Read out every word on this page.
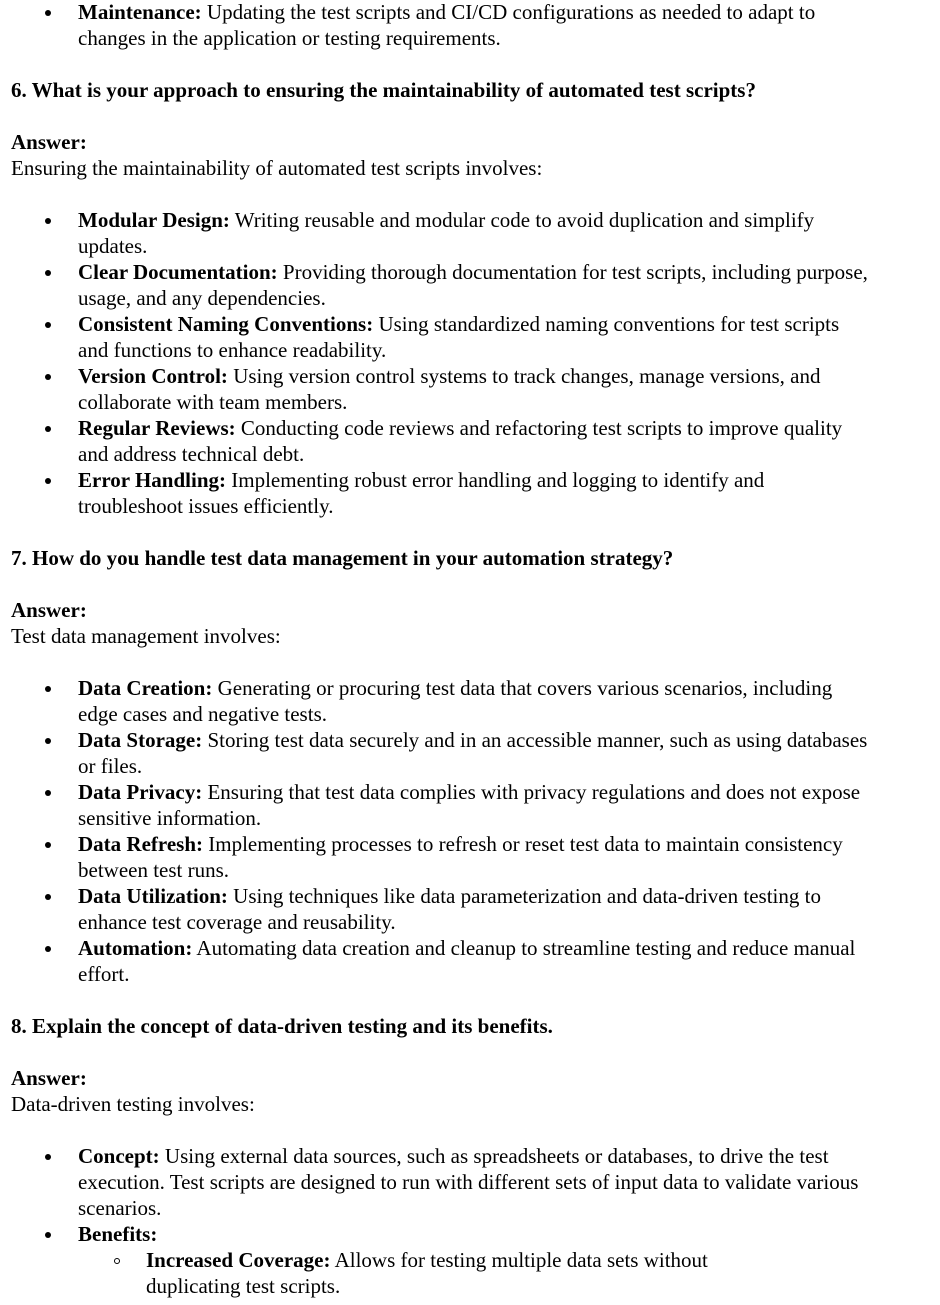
Maintenance: Updating the test scripts and CI/CD configurations as needed to adapt to changes in the application or testing requirements.
6. What is your approach to ensuring the maintainability of automated test scripts?

Answer:

Ensuring the maintainability of automated test scripts involves:

Modular Design: Writing reusable and modular code to avoid duplication and simplify updates.
Clear Documentation: Providing thorough documentation for test scripts, including purpose, usage, and any dependencies.
Consistent Naming Conventions: Using standardized naming conventions for test scripts and functions to enhance readability.
Version Control: Using version control systems to track changes, manage versions, and collaborate with team members.
Regular Reviews: Conducting code reviews and refactoring test scripts to improve quality and address technical debt.
Error Handling: Implementing robust error handling and logging to identify and troubleshoot issues efficiently.
7. How do you handle test data management in your automation strategy?

Answer:

Test data management involves:

Data Creation: Generating or procuring test data that covers various scenarios, including edge cases and negative tests.
Data Storage: Storing test data securely and in an accessible manner, such as using databases or files.
Data Privacy: Ensuring that test data complies with privacy regulations and does not expose sensitive information.
Data Refresh: Implementing processes to refresh or reset test data to maintain consistency between test runs.
Data Utilization: Using techniques like data parameterization and data-driven testing to enhance test coverage and reusability.
Automation: Automating data creation and cleanup to streamline testing and reduce manual effort.
8. Explain the concept of data-driven testing and its benefits.

Answer:

Data-driven testing involves:

Concept: Using external data sources, such as spreadsheets or databases, to drive the test execution. Test scripts are designed to run with different sets of input data to validate various scenarios.
Benefits:
Increased Coverage: Allows for testing multiple data sets without duplicating test scripts.
